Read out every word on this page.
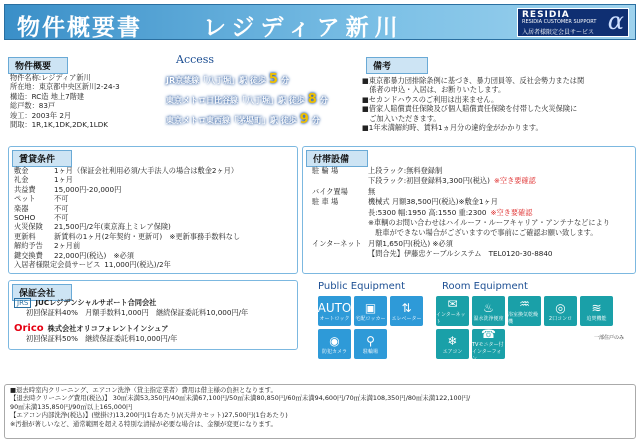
物件概要書	レジディア新川	RESIDIA
RESIDIA CUSTOMER SUPPORT
入居者様限定会員サービス α
物件概要
物件名称:レジディア新川
所在地：東京都中央区新川2-24-3
構造：RC造 地上7階建
総戸数：83戸
竣工：2003年 2月
間取：1R,1K,1DK,2DK,1LDK
Access
JR京葉線「八丁堀」駅 徒歩 5 分
東京メトロ日比谷線「八丁堀」駅 徒歩 8 分
東京メトロ東西線「茅場町」駅 徒歩 9 分
備考
■東京都暴力団排除条例に基づき、暴力団員等、反社会勢力または関
　係者の申込・入居は、お断りいたします。
■セカンドハウスのご利用は出来ません。
■借家人賠償責任保険及び個人賠償責任保険を付帯した火災保険に
　ご加入いただきます。
■1年未満解約時、賃料1ヵ月分の違約金がかかります。
賃貸条件
敷金	1ヶ月（保証会社利用必須/大手法人の場合は敷金2ヶ月）
礼金	1ヶ月
共益費	15,000円-20,000円
ペット	不可
楽器	不可
SOHO	不可
火災保険	21,500円/2年(東京海上ミレア保険)
更新料	新賃料の1ヶ月(2年契約・更新可)　※更新事務手数料なし
解約予告	2ヶ月前
鍵交換費	22,000円(税込)　※必須
入居者様限定会員サービス 11,000円(税込)/2年
付帯設備
駐 輪 場	上段ラック:無料登録制
下段ラック:初回登録料3,300円(税込) ※空き要確認
バイク置場	無
駐 車 場	機械式 月額38,500円(税込)※敷金1ヶ月
長:5300 幅:1950 高:1550 重:2300 ※空き要確認
※車輌のお問い合わせはハイルーフ・ルーフキャリア・アンテナなどにより
　駐車ができない場合がございますので事前にご確認お願い致します。
インターネット 月額1,650円(税込) ※必須
【問合先】伊藤忠ケーブルシステム　TEL0120-30-8840
保証会社
JRS JUCレジデンシャルサポート合同会社
初回保証料40%　月額手数料1,000円　継続保証委託料10,000円/年
Orico 株式会社オリコフォレントインシュア
初回保証料50%　継続保証委託料10,000円/年
Public Equipment	Room Equipment
AUTO
オートロック
▣
宅配ロッカー
⇅
エレベーター
◉
防犯カメラ
⚲
駐輪場
✉
インターネット
♨
温水洗浄便座
♒
浴室換気乾燥機
◎
2口コンロ
≋
追焚機能
❄
エアコン
☎
TVモニター付インターフォン
一部住戸のみ
■退去時室内クリーニング、エアコン洗浄（貸主指定業者）費用は借主様の負担となります。
【退去時クリーニング費用(税込)】 30㎡未満53,350円/40㎡未満67,100円/50㎡未満80,850円/60㎡未満94,600円/70㎡未満108,350円/80㎡未満122,100円/
90㎡未満135,850円/90㎡以上165,000円
【エアコン内部洗浄(税込)】(壁掛け)13,200円(1台あたり)/(天井カセット)27,500円(1台あたり)
※汚損が著しいなど、通常範囲を超える特別な清掃が必要な場合は、金額が変更になります。
